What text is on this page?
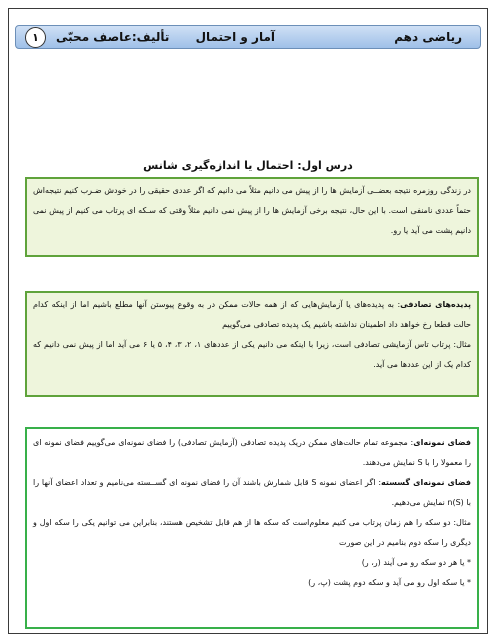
ریاضی دهم
آمار و احتمال
تألیف:عاصف محبّی
۱
درس اول: احتمال یا اندازه‌گیری شانس

در زندگی روزمره نتیجه بعضــی آزمایش ها را از پیش می دانیم مثلاً می دانیم که اگر عددی حقیقی را در خودش ضـرب کنیم نتیجه‌اش حتماً عددی نامنفی است. با این حال، نتیجه برخی آزمایش ها را از پیش نمی دانیم مثلاً وقتی که سـکه ای پرتاب می کنیم از پیش نمی دانیم پشت می آید یا رو.

پدیده‌های تصادفی: به پدیده‌های یا آزمایش‌هایی که از همه حالات ممکن در به وقوع پیوستن آنها مطلع باشیم اما از اینکه کدام حالت قطعا رخ خواهد داد اطمینان نداشته باشیم یک پدیده تصادفی می‌گوییم

مثال: پرتاب تاس آزمایشی تصادفی است، زیرا با اینکه می دانیم یکی از عددهای ۱، ۲، ۳، ۴، ۵ یا ۶ می آید اما از پیش نمی دانیم که کدام یک از این عددها می آید.

فضای نمونه‌ای: مجموعه تمام حالت‌های ممکن دریک پدیده تصادفی (آزمایش تصادفی) را فضای نمونه‌ای می‌گوییم فضای نمونه ای را معمولا را با S نمایش می‌دهند.

فضای نمونه‌ای گسسته: اگر اعضای نمونه S قابل شمارش باشند آن را فضای نمونه ای گســسته می‌نامیم و تعداد اعضای آنها را با n(S) نمایش می‌دهیم.

مثال: دو سکه را هم زمان پرتاب می کنیم معلوم‌است که سکه ها از هم قابل تشخیص هستند، بنابراین می توانیم یکی را سکه اول و دیگری را سکه دوم بنامیم در این صورت

* یا هر دو سکه رو می آیند (ر، ر)

* یا سکه اول رو می آید و سکه دوم پشت (پ، ر)
